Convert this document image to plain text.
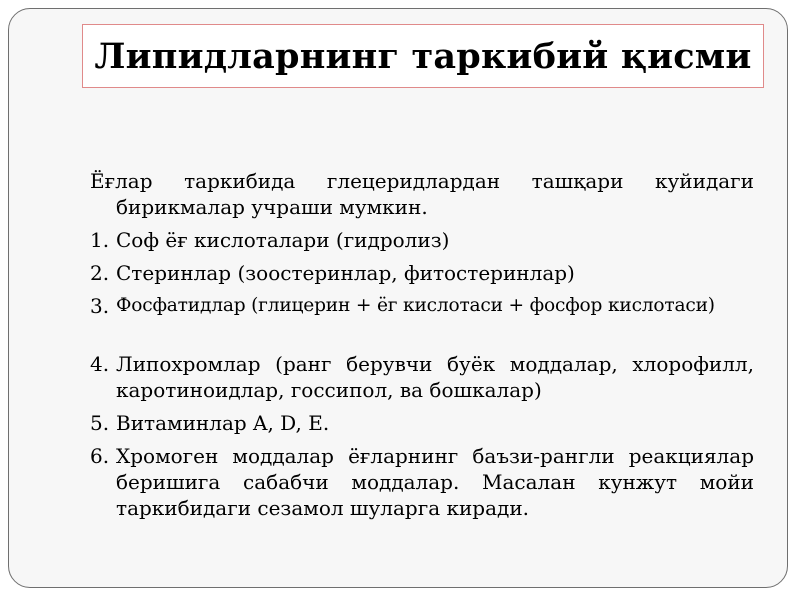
Липидларнинг таркибий қисми

Ёғлар таркибида глецеридлардан ташқари куйидаги бирикмалар учраши мумкин.

1. Соф ёғ кислоталари (гидролиз)
2. Стеринлар (зоостеринлар, фитостеринлар)
3. Фосфатидлар (глицерин + ёг кислотаси + фосфор кислотаси)
4. Липохромлар (ранг берувчи буёк моддалар, хлорофилл, каротиноидлар, госсипол, ва бошкалар)
5. Витаминлар A, D, E.
6. Хромоген моддалар ёғларнинг баъзи-рангли реакциялар беришига сабабчи моддалар. Масалан кунжут мойи таркибидаги сезамол шуларга киради.
